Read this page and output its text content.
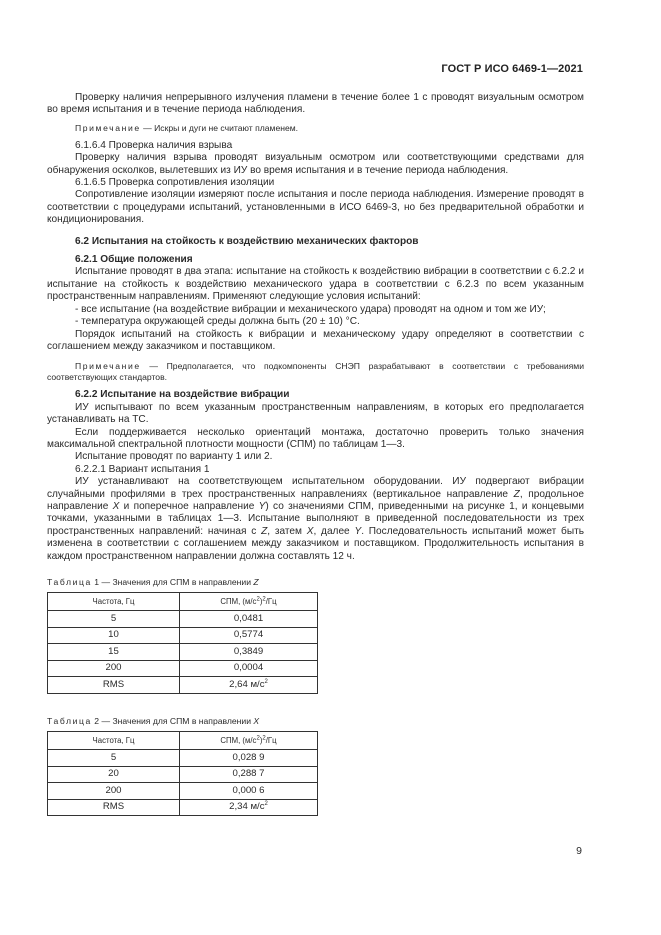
ГОСТ Р ИСО 6469-1—2021

Проверку наличия непрерывного излучения пламени в течение более 1 с проводят визуальным осмотром во время испытания и в течение периода наблюдения.

Примечание — Искры и дуги не считают пламенем.

6.1.6.4 Проверка наличия взрыва

Проверку наличия взрыва проводят визуальным осмотром или соответствующими средствами для обнаружения осколков, вылетевших из ИУ во время испытания и в течение периода наблюдения.

6.1.6.5 Проверка сопротивления изоляции

Сопротивление изоляции измеряют после испытания и после периода наблюдения. Измерение проводят в соответствии с процедурами испытаний, установленными в ИСО 6469-3, но без предварительной обработки и кондиционирования.

6.2 Испытания на стойкость к воздействию механических факторов

6.2.1 Общие положения

Испытание проводят в два этапа: испытание на стойкость к воздействию вибрации в соответствии с 6.2.2 и испытание на стойкость к воздействию механического удара в соответствии с 6.2.3 по всем указанным пространственным направлениям. Применяют следующие условия испытаний:

- все испытание (на воздействие вибрации и механического удара) проводят на одном и том же ИУ;

- температура окружающей среды должна быть (20 ± 10) °С.

Порядок испытаний на стойкость к вибрации и механическому удару определяют в соответствии с соглашением между заказчиком и поставщиком.

Примечание — Предполагается, что подкомпоненты СНЭП разрабатывают в соответствии с требованиями соответствующих стандартов.

6.2.2 Испытание на воздействие вибрации

ИУ испытывают по всем указанным пространственным направлениям, в которых его предполагается устанавливать на ТС.

Если поддерживается несколько ориентаций монтажа, достаточно проверить только значения максимальной спектральной плотности мощности (СПМ) по таблицам 1—3.

Испытание проводят по варианту 1 или 2.

6.2.2.1 Вариант испытания 1

ИУ устанавливают на соответствующем испытательном оборудовании. ИУ подвергают вибрации случайными профилями в трех пространственных направлениях (вертикальное направление Z, продольное направление X и поперечное направление Y) со значениями СПМ, приведенными на рисунке 1, и концевыми точками, указанными в таблицах 1—3. Испытание выполняют в приведенной последовательности из трех пространственных направлений: начиная с Z, затем X, далее Y. Последовательность испытаний может быть изменена в соответствии с соглашением между заказчиком и поставщиком. Продолжительность испытания в каждом пространственном направлении должна составлять 12 ч.

Таблица 1 — Значения для СПМ в направлении Z
Частота, Гц	СПМ, $(м/с^2)^2/Гц$
5	0,0481
10	0,5774
15	0,3849
200	0,0004
RMS	2,64 $м/с^2$
Таблица 2 — Значения для СПМ в направлении X
Частота, Гц	СПМ, $(м/с^2)^2/Гц$
5	0,028 9
20	0,288 7
200	0,000 6
RMS	2,34 $м/с^2$
9
